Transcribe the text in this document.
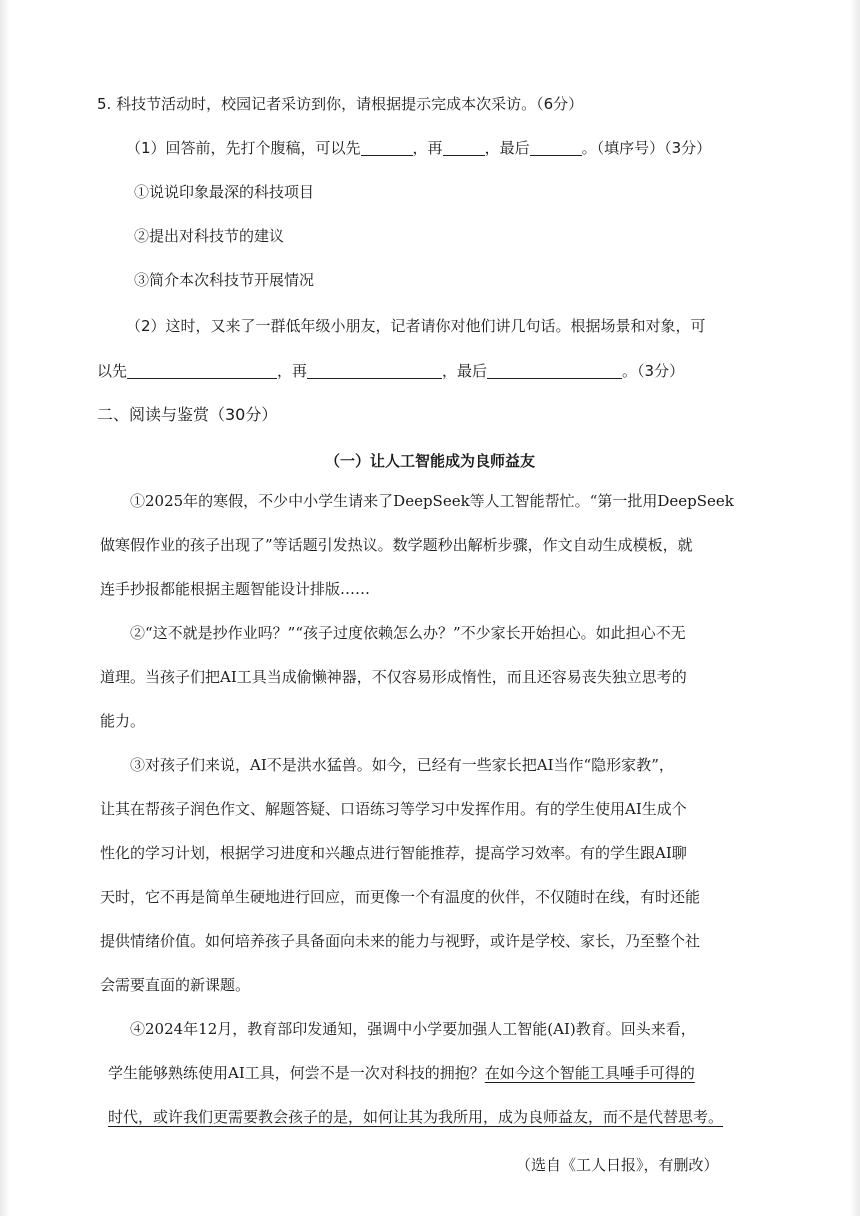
5. 科技节活动时，校园记者采访到你，请根据提示完成本次采访。（6分）
（1）回答前，先打个腹稿，可以先	，再	，最后	。（填序号）（3分）
①说说印象最深的科技项目
②提出对科技节的建议
③简介本次科技节开展情况
（2）这时，又来了一群低年级小朋友，记者请你对他们讲几句话。根据场景和对象，可
以先	，再	，最后	。（3分）
二、阅读与鉴赏（30分）
（一）让人工智能成为良师益友
①2025年的寒假，不少中小学生请来了DeepSeek等人工智能帮忙。“第一批用DeepSeek
做寒假作业的孩子出现了”等话题引发热议。数学题秒出解析步骤，作文自动生成模板，就
连手抄报都能根据主题智能设计排版……
②“这不就是抄作业吗？”“孩子过度依赖怎么办？”不少家长开始担心。如此担心不无
道理。当孩子们把AI工具当成偷懒神器，不仅容易形成惰性，而且还容易丧失独立思考的
能力。
③对孩子们来说，AI不是洪水猛兽。如今，已经有一些家长把AI当作“隐形家教”，
让其在帮孩子润色作文、解题答疑、口语练习等学习中发挥作用。有的学生使用AI生成个
性化的学习计划，根据学习进度和兴趣点进行智能推荐，提高学习效率。有的学生跟AI聊
天时，它不再是简单生硬地进行回应，而更像一个有温度的伙伴，不仅随时在线，有时还能
提供情绪价值。如何培养孩子具备面向未来的能力与视野，或许是学校、家长，乃至整个社
会需要直面的新课题。
④2024年12月，教育部印发通知，强调中小学要加强人工智能(AI)教育。回头来看，
学生能够熟练使用AI工具，何尝不是一次对科技的拥抱？在如今这个智能工具唾手可得的
时代，或许我们更需要教会孩子的是，如何让其为我所用，成为良师益友，而不是代替思考。
（选自《工人日报》，有删改）
